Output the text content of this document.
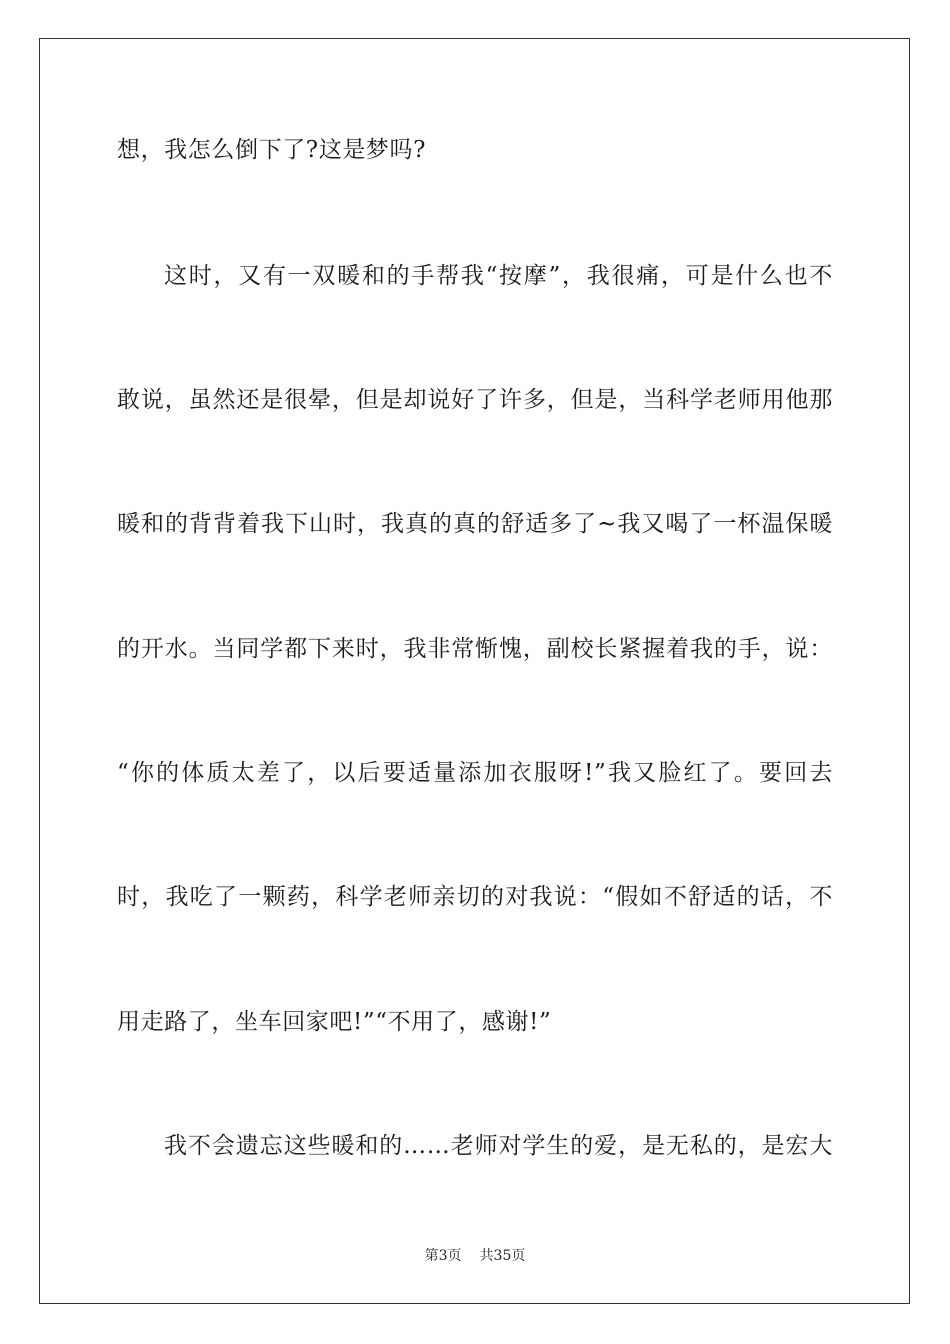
想，我怎么倒下了?这是梦吗?
这时，又有一双暖和的手帮我“按摩”，我很痛，可是什么也不
敢说，虽然还是很晕，但是却说好了许多，但是，当科学老师用他那
暖和的背背着我下山时，我真的真的舒适多了~我又喝了一杯温保暖
的开水。当同学都下来时，我非常惭愧，副校长紧握着我的手，说：
“你的体质太差了，以后要适量添加衣服呀!”我又脸红了。要回去
时，我吃了一颗药，科学老师亲切的对我说：“假如不舒适的话，不
用走路了，坐车回家吧!”“不用了，感谢!”
我不会遗忘这些暖和的……老师对学生的爱，是无私的，是宏大
第3页 共35页
